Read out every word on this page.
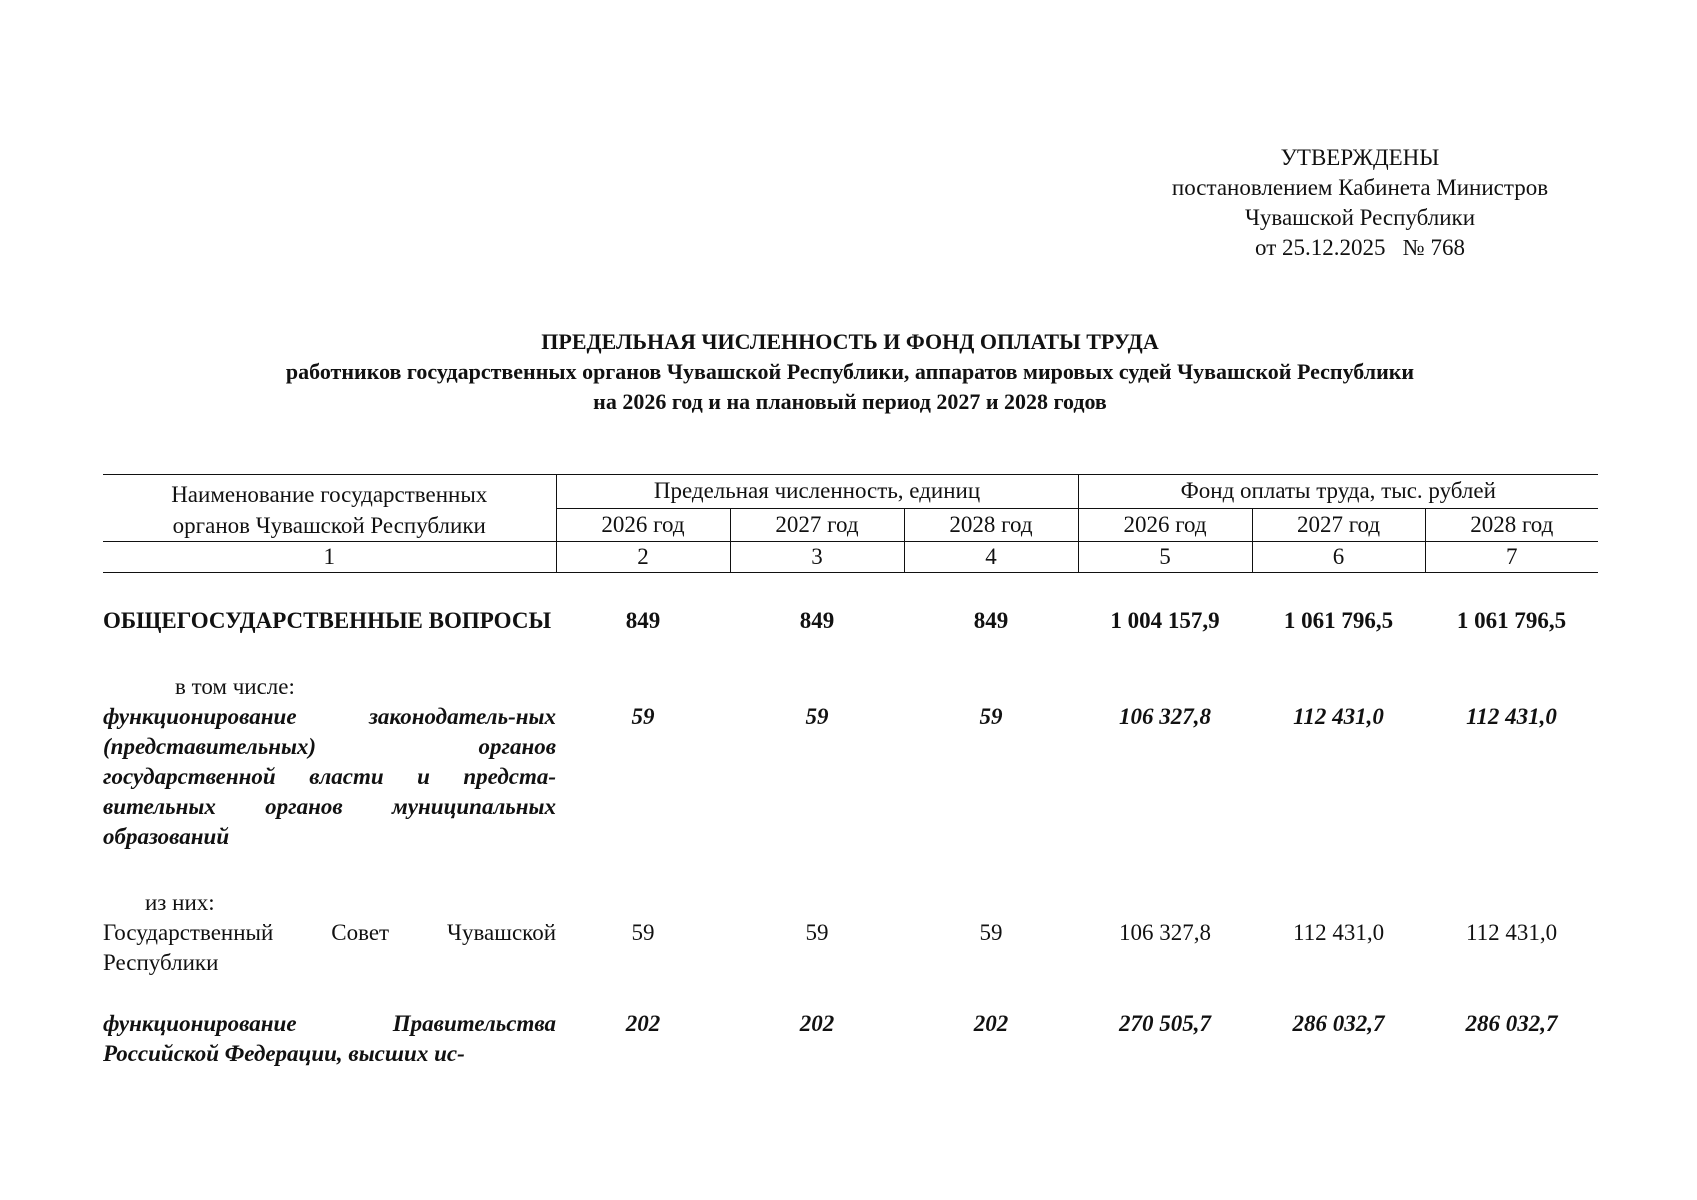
УТВЕРЖДЕНЫ
постановлением Кабинета Министров
Чувашской Республики
от 25.12.2025   № 768
ПРЕДЕЛЬНАЯ ЧИСЛЕННОСТЬ И ФОНД ОПЛАТЫ ТРУДА
работников государственных органов Чувашской Республики, аппаратов мировых судей Чувашской Республики
на 2026 год и на плановый период 2027 и 2028 годов
Наименование государственных
органов Чувашской Республики	Предельная численность, единиц			Фонд оплаты труда, тыс. рублей		
	2026 год	2027 год	2028 год	2026 год	2027 год	2028 год
1	2	3	4	5	6	7

ОБЩЕГОСУДАРСТВЕННЫЕ ВОПРОСЫ	849	849	849	1 004 157,9	1 061 796,5	1 061 796,5

в том числе:						

функционирование законодатель-ных (представительных) органов государственной власти и предста-вительных органов муниципальных образований	59	59	59	106 327,8	112 431,0	112 431,0

из них:						

Государственный Совет Чувашской Республики	59	59	59	106 327,8	112 431,0	112 431,0

функционирование Правительства Российской Федерации, высших ис-	202	202	202	270 505,7	286 032,7	286 032,7
